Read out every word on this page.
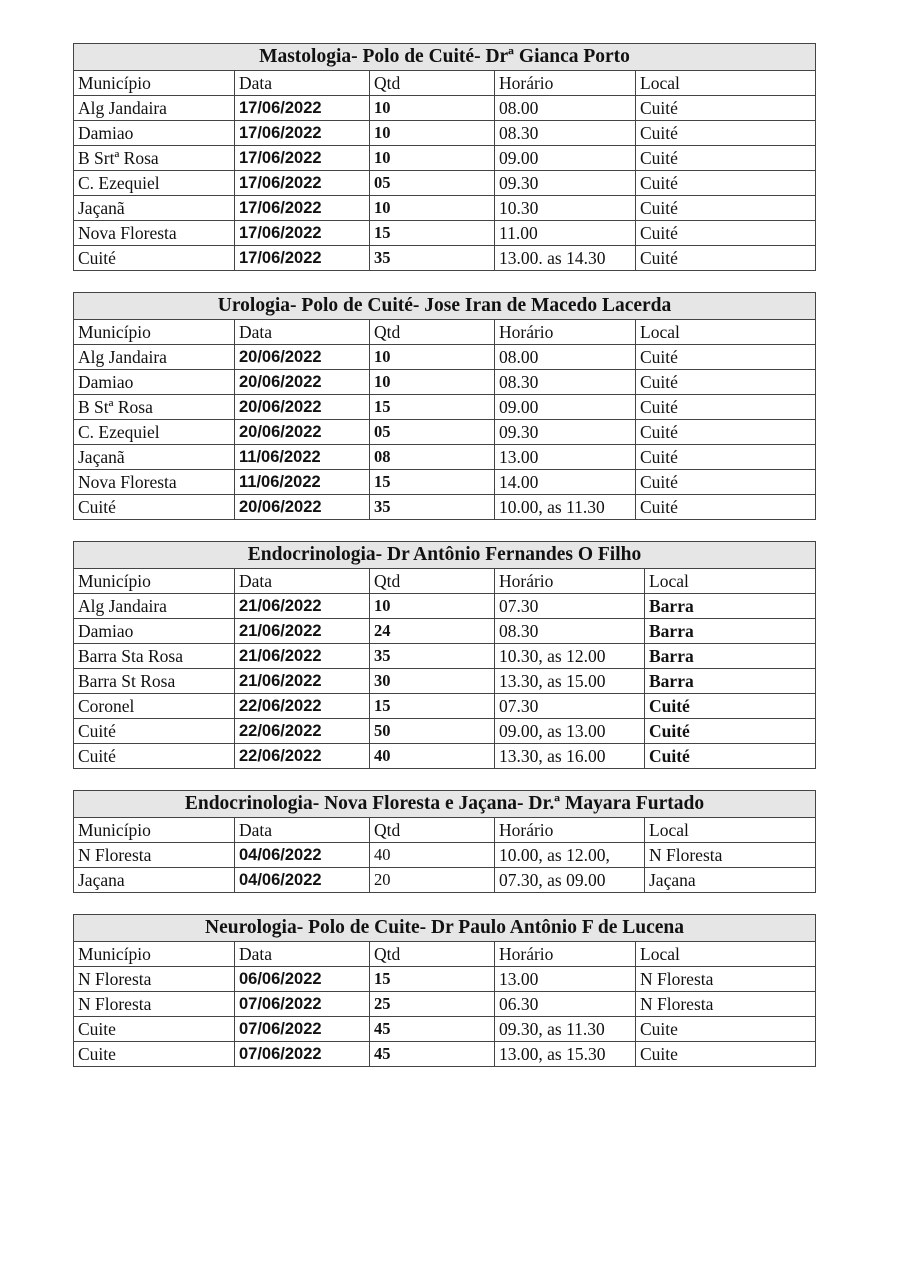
Mastologia- Polo de Cuité- Drª Gianca Porto				
Município	Data	Qtd	Horário	Local
Alg Jandaira	17/06/2022	10	08.00	Cuité
Damiao	17/06/2022	10	08.30	Cuité
B Srtª Rosa	17/06/2022	10	09.00	Cuité
C. Ezequiel	17/06/2022	05	09.30	Cuité
Jaçanã	17/06/2022	10	10.30	Cuité
Nova Floresta	17/06/2022	15	11.00	Cuité
Cuité	17/06/2022	35	13.00. as 14.30	Cuité
Urologia- Polo de Cuité- Jose Iran de Macedo Lacerda				
Município	Data	Qtd	Horário	Local
Alg Jandaira	20/06/2022	10	08.00	Cuité
Damiao	20/06/2022	10	08.30	Cuité
B Stª Rosa	20/06/2022	15	09.00	Cuité
C. Ezequiel	20/06/2022	05	09.30	Cuité
Jaçanã	11/06/2022	08	13.00	Cuité
Nova Floresta	11/06/2022	15	14.00	Cuité
Cuité	20/06/2022	35	10.00, as 11.30	Cuité
Endocrinologia- Dr Antônio Fernandes O Filho				
Município	Data	Qtd	Horário	Local
Alg Jandaira	21/06/2022	10	07.30	Barra
Damiao	21/06/2022	24	08.30	Barra
Barra Sta Rosa	21/06/2022	35	10.30, as 12.00	Barra
Barra St Rosa	21/06/2022	30	13.30, as 15.00	Barra
Coronel	22/06/2022	15	07.30	Cuité
Cuité	22/06/2022	50	09.00, as 13.00	Cuité
Cuité	22/06/2022	40	13.30, as 16.00	Cuité
Endocrinologia- Nova Floresta e Jaçana- Dr.ª Mayara Furtado				
Município	Data	Qtd	Horário	Local
N Floresta	04/06/2022	40	10.00, as 12.00,	N Floresta
Jaçana	04/06/2022	20	07.30, as 09.00	Jaçana
Neurologia- Polo de Cuite- Dr Paulo Antônio F de Lucena				
Município	Data	Qtd	Horário	Local
N Floresta	06/06/2022	15	13.00	N Floresta
N Floresta	07/06/2022	25	06.30	N Floresta
Cuite	07/06/2022	45	09.30, as 11.30	Cuite
Cuite	07/06/2022	45	13.00, as 15.30	Cuite
